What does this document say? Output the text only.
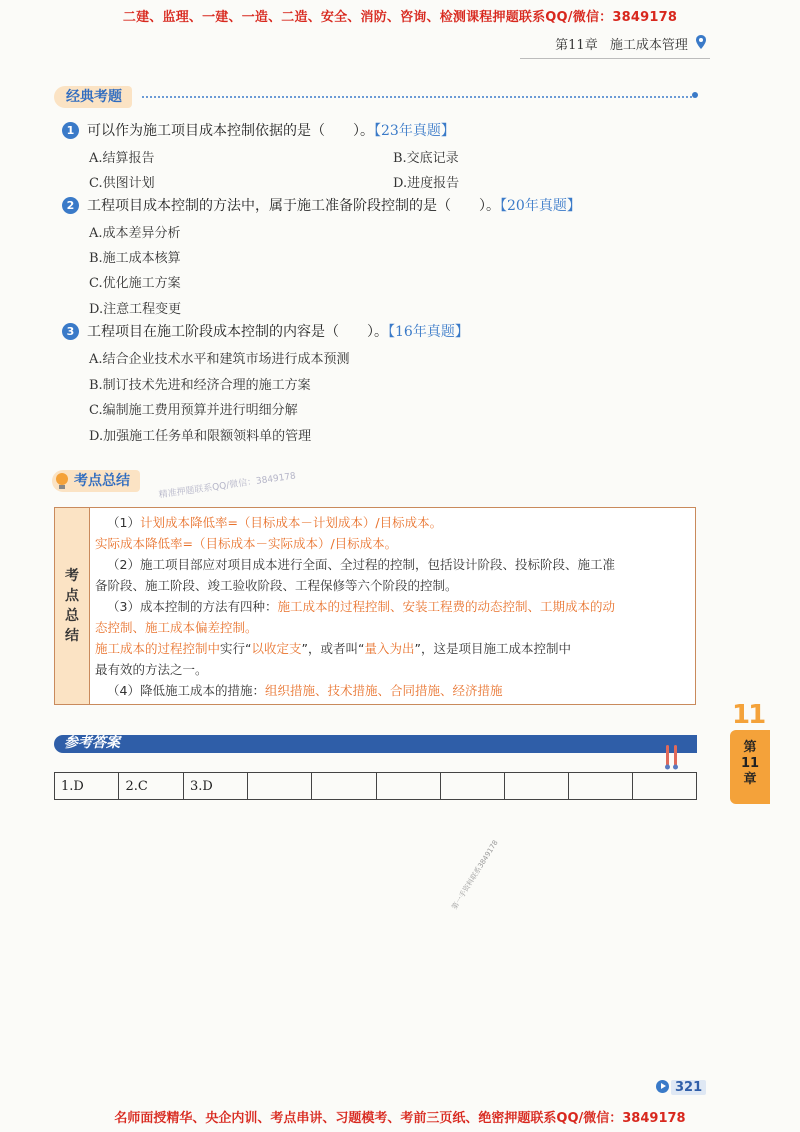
二建、监理、一建、一造、二造、安全、消防、咨询、检测课程押题联系QQ/微信：3849178
第11章 施工成本管理
经典考题
1 可以作为施工项目成本控制依据的是（　　）。【23年真题】
A.结算报告	B.交底记录
C.供图计划	D.进度报告
2 工程项目成本控制的方法中，属于施工准备阶段控制的是（　　）。【20年真题】
A.成本差异分析
B.施工成本核算
C.优化施工方案
D.注意工程变更
3 工程项目在施工阶段成本控制的内容是（　　）。【16年真题】
A.结合企业技术水平和建筑市场进行成本预测
B.制订技术先进和经济合理的施工方案
C.编制施工费用预算并进行明细分解
D.加强施工任务单和限额领料单的管理
考点总结	精准押题联系QQ/微信：3849178
考
点
总
结
（1）计划成本降低率=（目标成本－计划成本）/目标成本。
实际成本降低率=（目标成本－实际成本）/目标成本。
（2）施工项目部应对项目成本进行全面、全过程的控制，包括设计阶段、投标阶段、施工准
备阶段、施工阶段、竣工验收阶段、工程保修等六个阶段的控制。
（3）成本控制的方法有四种：施工成本的过程控制、安装工程费的动态控制、工期成本的动
态控制、施工成本偏差控制。
施工成本的过程控制中实行“以收定支”，或者叫“量入为出”，这是项目施工成本控制中
最有效的方法之一。
（4）降低施工成本的措施：组织措施、技术措施、合同措施、经济措施
参考答案
1.D	2.C	3.D							
11
第
11
章
第一手资料联系3849178
321
名师面授精华、央企内训、考点串讲、习题模考、考前三页纸、绝密押题联系QQ/微信：3849178
